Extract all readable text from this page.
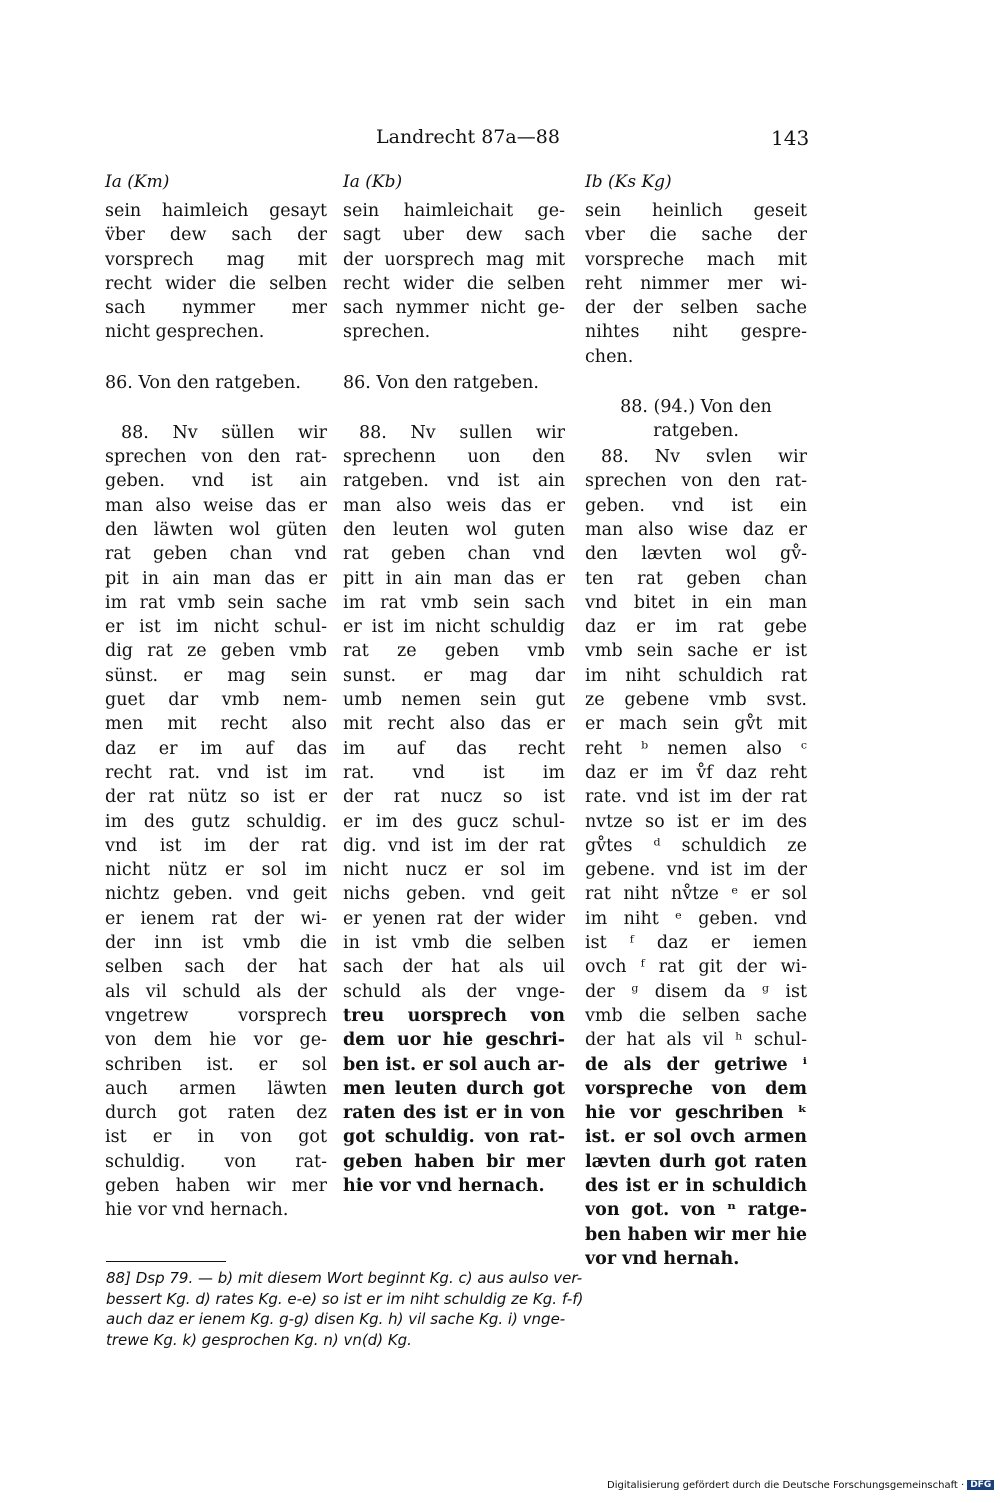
Landrecht 87a—88	143
Ia (Km)
sein haimleich gesayt
v̈ber dew sach der
vorsprech mag mit
recht wider die selben
sach nymmer mer
nicht gesprechen.
86. Von den ratgeben.
88. Nv süllen wir
sprechen von den rat-
geben. vnd ist ain
man also weise das er
den läwten wol güten
rat geben chan vnd
pit in ain man das er
im rat vmb sein sache
er ist im nicht schul-
dig rat ze geben vmb
sünst. er mag sein
guet dar vmb nem-
men mit recht also
daz er im auf das
recht rat. vnd ist im
der rat nütz so ist er
im des gutz schuldig.
vnd ist im der rat
nicht nütz er sol im
nichtz geben. vnd geit
er ienem rat der wi-
der inn ist vmb die
selben sach der hat
als vil schuld als der
vngetrew vorsprech
von dem hie vor ge-
schriben ist. er sol
auch armen läwten
durch got raten dez
ist er in von got
schuldig. von rat-
geben haben wir mer
hie vor vnd hernach.
Ia (Kb)
sein haimleichait ge-
sagt uber dew sach
der uorsprech mag mit
recht wider die selben
sach nymmer nicht ge-
sprechen.
86. Von den ratgeben.
88. Nv sullen wir
sprechenn uon den
ratgeben. vnd ist ain
man also weis das er
den leuten wol guten
rat geben chan vnd
pitt in ain man das er
im rat vmb sein sach
er ist im nicht schuldig
rat ze geben vmb
sunst. er mag dar
umb nemen sein gut
mit recht also das er
im auf das recht
rat. vnd ist im
der rat nucz so ist
er im des gucz schul-
dig. vnd ist im der rat
nicht nucz er sol im
nichs geben. vnd geit
er yenen rat der wider
in ist vmb die selben
sach der hat als uil
schuld als der vnge-
treu uorsprech von
dem uor hie geschri-
ben ist. er sol auch ar-
men leuten durch got
raten des ist er in von
got schuldig. von rat-
geben haben bir mer
hie vor vnd hernach.
Ib (Ks Kg)
sein heinlich geseit
vber die sache der
vorspreche mach mit
reht nimmer mer wi-
der der selben sache
nihtes niht gespre-
chen.
88. (94.) Von den
ratgeben.
88. Nv svlen wir
sprechen von den rat-
geben. vnd ist ein
man also wise daz er
den lævten wol gv̊-
ten rat geben chan
vnd bitet in ein man
daz er im rat gebe
vmb sein sache er ist
im niht schuldich rat
ze gebene vmb svst.
er mach sein gv̊t mit
reht ᵇ nemen also ᶜ
daz er im v̊f daz reht
rate. vnd ist im der rat
nvtze so ist er im des
gv̊tes ᵈ schuldich ze
gebene. vnd ist im der
rat niht nv̊tze ᵉ er sol
im niht ᵉ geben. vnd
ist ᶠ daz er iemen
ovch ᶠ rat git der wi-
der ᵍ disem da ᵍ ist
vmb die selben sache
der hat als vil ʰ schul-
de als der getriwe ⁱ
vorspreche von dem
hie vor geschriben ᵏ
ist. er sol ovch armen
lævten durh got raten
des ist er in schuldich
von got. von ⁿ ratge-
ben haben wir mer hie
vor vnd hernah.
88] Dsp 79. — b) mit diesem Wort beginnt Kg. c) aus aulso ver-
bessert Kg. d) rates Kg. e-e) so ist er im niht schuldig ze Kg. f-f)
auch daz er ienem Kg. g-g) disen Kg. h) vil sache Kg. i) vnge-
trewe Kg. k) gesprochen Kg. n) vn(d) Kg.
Digitalisierung gefördert durch die Deutsche Forschungsgemeinschaft · DFG
